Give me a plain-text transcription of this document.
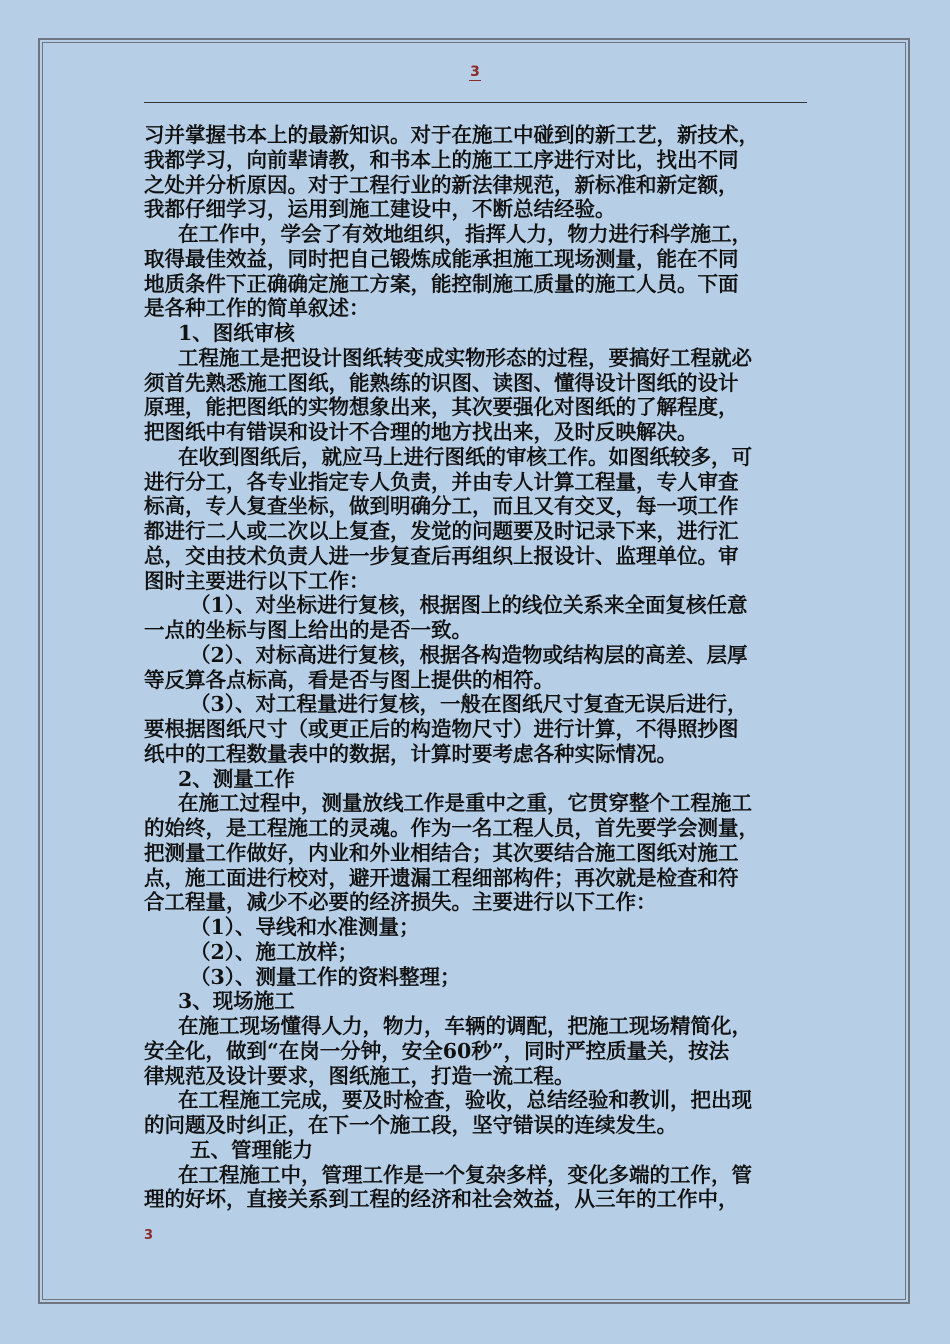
3
习并掌握书本上的最新知识。对于在施工中碰到的新工艺，新技术，
我都学习，向前辈请教，和书本上的施工工序进行对比，找出不同
之处并分析原因。对于工程行业的新法律规范，新标准和新定额，
我都仔细学习，运用到施工建设中，不断总结经验。
在工作中，学会了有效地组织，指挥人力，物力进行科学施工，
取得最佳效益，同时把自己锻炼成能承担施工现场测量，能在不同
地质条件下正确确定施工方案，能控制施工质量的施工人员。下面
是各种工作的简单叙述：
1、图纸审核
工程施工是把设计图纸转变成实物形态的过程，要搞好工程就必
须首先熟悉施工图纸，能熟练的识图、读图、懂得设计图纸的设计
原理，能把图纸的实物想象出来，其次要强化对图纸的了解程度，
把图纸中有错误和设计不合理的地方找出来，及时反映解决。
在收到图纸后，就应马上进行图纸的审核工作。如图纸较多，可
进行分工，各专业指定专人负责，并由专人计算工程量，专人审查
标高，专人复查坐标，做到明确分工，而且又有交叉，每一项工作
都进行二人或二次以上复查，发觉的问题要及时记录下来，进行汇
总，交由技术负责人进一步复查后再组织上报设计、监理单位。审
图时主要进行以下工作：
（1）、对坐标进行复核，根据图上的线位关系来全面复核任意
一点的坐标与图上给出的是否一致。
（2）、对标高进行复核，根据各构造物或结构层的高差、层厚
等反算各点标高，看是否与图上提供的相符。
（3）、对工程量进行复核，一般在图纸尺寸复查无误后进行，
要根据图纸尺寸（或更正后的构造物尺寸）进行计算，不得照抄图
纸中的工程数量表中的数据，计算时要考虑各种实际情况。
2、测量工作
在施工过程中，测量放线工作是重中之重，它贯穿整个工程施工
的始终，是工程施工的灵魂。作为一名工程人员，首先要学会测量，
把测量工作做好，内业和外业相结合；其次要结合施工图纸对施工
点，施工面进行校对，避开遗漏工程细部构件；再次就是检查和符
合工程量，减少不必要的经济损失。主要进行以下工作：
（1）、导线和水准测量；
（2）、施工放样；
（3）、测量工作的资料整理；
3、现场施工
在施工现场懂得人力，物力，车辆的调配，把施工现场精简化，
安全化，做到“在岗一分钟，安全60秒”，同时严控质量关，按法
律规范及设计要求，图纸施工，打造一流工程。
在工程施工完成，要及时检查，验收，总结经验和教训，把出现
的问题及时纠正，在下一个施工段，坚守错误的连续发生。
五、管理能力
在工程施工中，管理工作是一个复杂多样，变化多端的工作，管
理的好坏，直接关系到工程的经济和社会效益，从三年的工作中，
3
